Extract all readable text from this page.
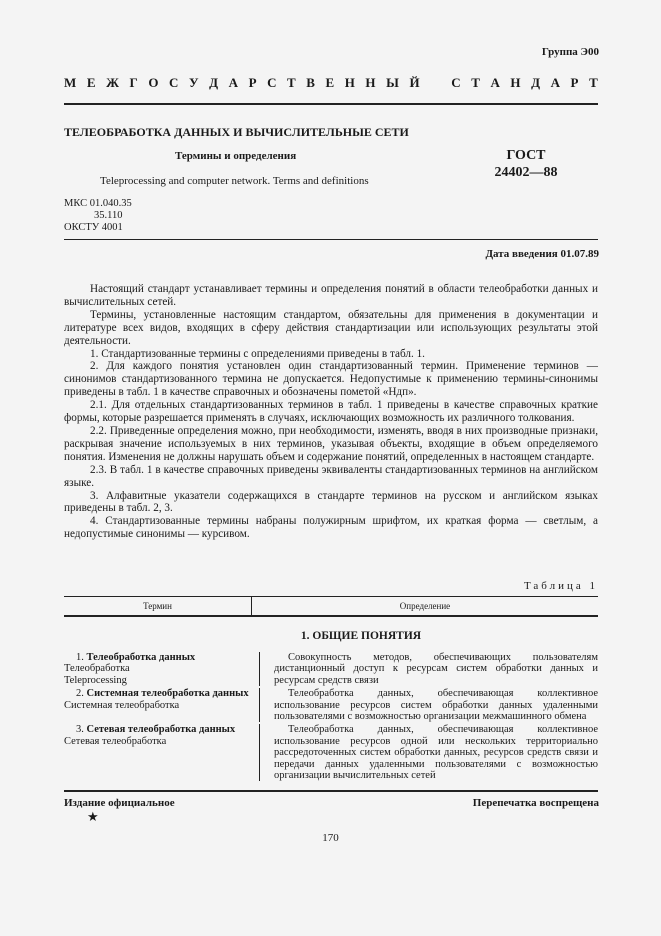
Группа Э00
М Е Ж Г О С У Д А Р С Т В Е Н Н Ы Й С Т А Н Д А Р Т
ТЕЛЕОБРАБОТКА ДАННЫХ И ВЫЧИСЛИТЕЛЬНЫЕ СЕТИ
Термины и определения	ГОСТ
24402—88
Teleprocessing and computer network. Terms and definitions
МКС 01.040.35
35.110
ОКСТУ 4001
Дата введения 01.07.89

Настоящий стандарт устанавливает термины и определения понятий в области телеобработки данных и вычислительных сетей.

Термины, установленные настоящим стандартом, обязательны для применения в документации и литературе всех видов, входящих в сферу действия стандартизации или использующих результаты этой деятельности.

1. Стандартизованные термины с определениями приведены в табл. 1.

2. Для каждого понятия установлен один стандартизованный термин. Применение терминов — синонимов стандартизованного термина не допускается. Недопустимые к применению термины-синонимы приведены в табл. 1 в качестве справочных и обозначены пометой «Ндп».

2.1. Для отдельных стандартизованных терминов в табл. 1 приведены в качестве справочных краткие формы, которые разрешается применять в случаях, исключающих возможность их различного толкования.

2.2. Приведенные определения можно, при необходимости, изменять, вводя в них производные признаки, раскрывая значение используемых в них терминов, указывая объекты, входящие в объем определяемого понятия. Изменения не должны нарушать объем и содержание понятий, определенных в настоящем стандарте.

2.3. В табл. 1 в качестве справочных приведены эквиваленты стандартизованных терминов на английском языке.

3. Алфавитные указатели содержащихся в стандарте терминов на русском и английском языках приведены в табл. 2, 3.

4. Стандартизованные термины набраны полужирным шрифтом, их краткая форма — светлым, а недопустимые синонимы — курсивом.

Таблица 1
Термин	Определение
1. ОБЩИЕ ПОНЯТИЯ
1. Телеобработка данных
Телеобработка
Teleprocessing

Совокупность методов, обеспечивающих пользователям дистанционный доступ к ресурсам систем обработки данных и ресурсам средств связи

2. Системная телеобработка данных
Системная телеобработка

Телеобработка данных, обеспечивающая коллективное использование ресурсов систем обработки данных удаленными пользователями с возможностью организации межмашинного обмена

3. Сетевая телеобработка данных
Сетевая телеобработка

Телеобработка данных, обеспечивающая коллективное использование ресурсов одной или нескольких территориально рассредоточенных систем обработки данных, ресурсов средств связи и передачи данных удаленными пользователями с возможностью организации вычислительных сетей

Издание официальное	Перепечатка воспрещена
★
170
